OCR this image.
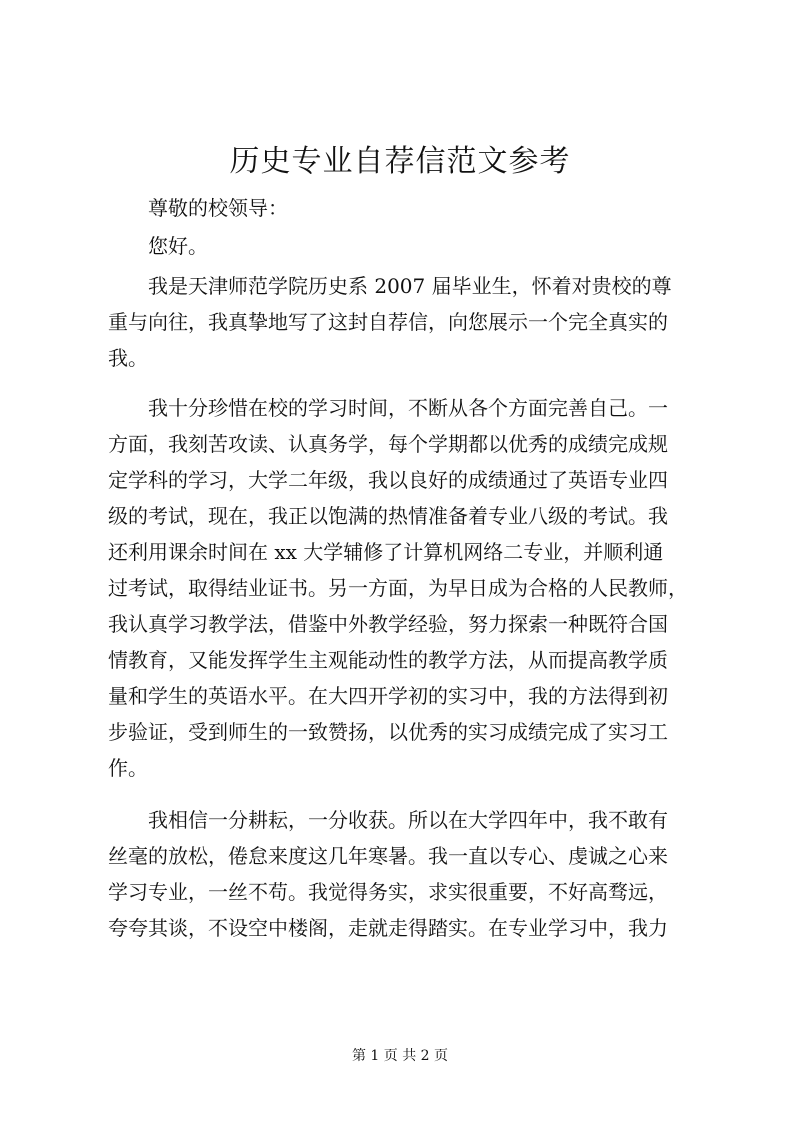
历史专业自荐信范文参考

尊敬的校领导：

您好。

我是天津师范学院历史系 2007 届毕业生，怀着对贵校的尊
重与向往，我真挚地写了这封自荐信，向您展示一个完全真实的
我。
我十分珍惜在校的学习时间，不断从各个方面完善自己。一
方面，我刻苦攻读、认真务学，每个学期都以优秀的成绩完成规
定学科的学习，大学二年级，我以良好的成绩通过了英语专业四
级的考试，现在，我正以饱满的热情准备着专业八级的考试。我
还利用课余时间在 xx 大学辅修了计算机网络二专业，并顺利通
过考试，取得结业证书。另一方面，为早日成为合格的人民教师，
我认真学习教学法，借鉴中外教学经验，努力探索一种既符合国
情教育，又能发挥学生主观能动性的教学方法，从而提高教学质
量和学生的英语水平。在大四开学初的实习中，我的方法得到初
步验证，受到师生的一致赞扬，以优秀的实习成绩完成了实习工
作。
我相信一分耕耘，一分收获。所以在大学四年中，我不敢有
丝毫的放松，倦怠来度这几年寒暑。我一直以专心、虔诚之心来
学习专业，一丝不苟。我觉得务实，求实很重要，不好高骛远，
夸夸其谈，不设空中楼阁，走就走得踏实。在专业学习中，我力
第 1 页 共 2 页
